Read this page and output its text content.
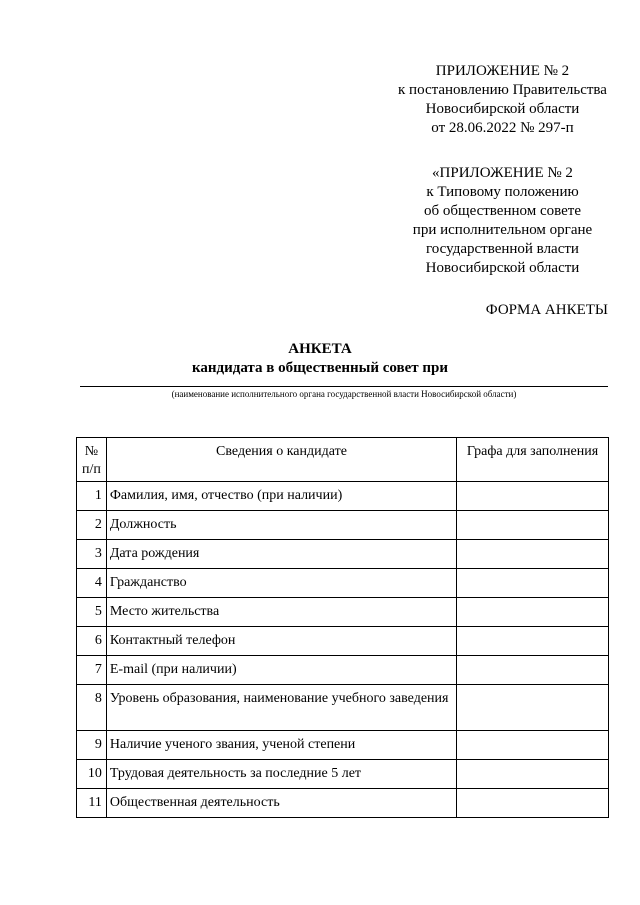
ПРИЛОЖЕНИЕ № 2
к постановлению Правительства
Новосибирской области
от 28.06.2022 № 297-п
«ПРИЛОЖЕНИЕ № 2
к Типовому положению
об общественном совете
при исполнительном органе
государственной власти
Новосибирской области
ФОРМА АНКЕТЫ
АНКЕТА
кандидата в общественный совет при
(наименование исполнительного органа государственной власти Новосибирской области)
№ п/п	Сведения о кандидате	Графа для заполнения
1	Фамилия, имя, отчество (при наличии)	
2	Должность	
3	Дата рождения	
4	Гражданство	
5	Место жительства	
6	Контактный телефон	
7	E-mail (при наличии)	
8	Уровень образования, наименование учебного заведения	
9	Наличие ученого звания, ученой степени	
10	Трудовая деятельность за последние 5 лет	
11	Общественная деятельность	
